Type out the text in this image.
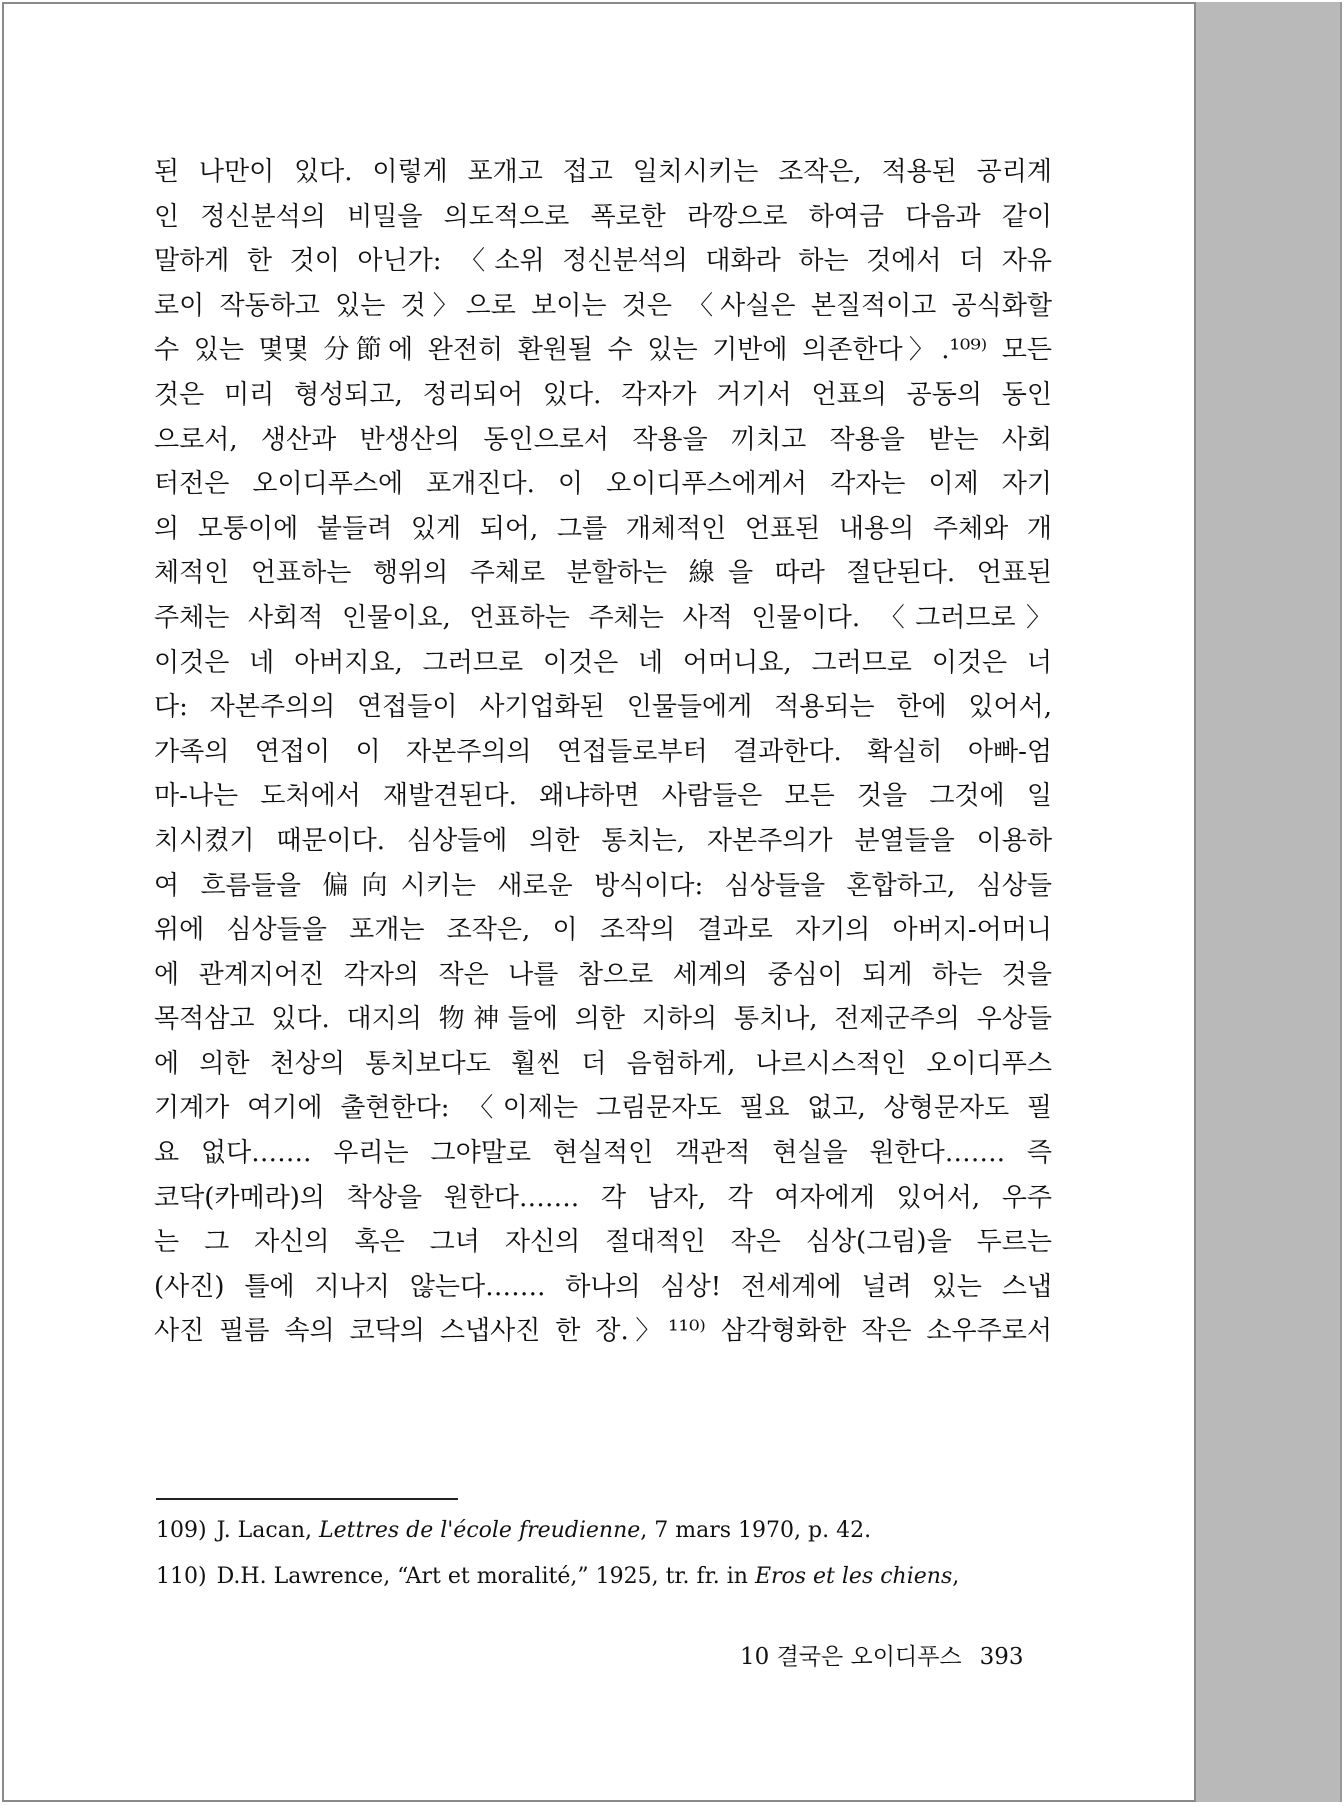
된 나만이 있다. 이렇게 포개고 접고 일치시키는 조작은, 적용된 공리계
인 정신분석의 비밀을 의도적으로 폭로한 라깡으로 하여금 다음과 같이
말하게 한 것이 아닌가: 〈소위 정신분석의 대화라 하는 것에서 더 자유
로이 작동하고 있는 것〉으로 보이는 것은 〈사실은 본질적이고 공식화할
수 있는 몇몇 分節에 완전히 환원될 수 있는 기반에 의존한다〉.¹⁰⁹⁾ 모든
것은 미리 형성되고, 정리되어 있다. 각자가 거기서 언표의 공동의 동인
으로서, 생산과 반생산의 동인으로서 작용을 끼치고 작용을 받는 사회
터전은 오이디푸스에 포개진다. 이 오이디푸스에게서 각자는 이제 자기
의 모퉁이에 붙들려 있게 되어, 그를 개체적인 언표된 내용의 주체와 개
체적인 언표하는 행위의 주체로 분할하는 線을 따라 절단된다. 언표된
주체는 사회적 인물이요, 언표하는 주체는 사적 인물이다. 〈그러므로〉
이것은 네 아버지요, 그러므로 이것은 네 어머니요, 그러므로 이것은 너
다: 자본주의의 연접들이 사기업화된 인물들에게 적용되는 한에 있어서,
가족의 연접이 이 자본주의의 연접들로부터 결과한다. 확실히 아빠-엄
마-나는 도처에서 재발견된다. 왜냐하면 사람들은 모든 것을 그것에 일
치시켰기 때문이다. 심상들에 의한 통치는, 자본주의가 분열들을 이용하
여 흐름들을 偏向시키는 새로운 방식이다: 심상들을 혼합하고, 심상들
위에 심상들을 포개는 조작은, 이 조작의 결과로 자기의 아버지-어머니
에 관계지어진 각자의 작은 나를 참으로 세계의 중심이 되게 하는 것을
목적삼고 있다. 대지의 物神들에 의한 지하의 통치나, 전제군주의 우상들
에 의한 천상의 통치보다도 훨씬 더 음험하게, 나르시스적인 오이디푸스
기계가 여기에 출현한다: 〈이제는 그림문자도 필요 없고, 상형문자도 필
요 없다……. 우리는 그야말로 현실적인 객관적 현실을 원한다……. 즉
코닥(카메라)의 착상을 원한다……. 각 남자, 각 여자에게 있어서, 우주
는 그 자신의 혹은 그녀 자신의 절대적인 작은 심상(그림)을 두르는
(사진) 틀에 지나지 않는다……. 하나의 심상! 전세계에 널려 있는 스냅
사진 필름 속의 코닥의 스냅사진 한 장.〉¹¹⁰⁾ 삼각형화한 작은 소우주로서
109) J. Lacan, Lettres de l'école freudienne, 7 mars 1970, p. 42.
110) D.H. Lawrence, “Art et moralité,” 1925, tr. fr. in Eros et les chiens,
10 결국은 오이디푸스 393
